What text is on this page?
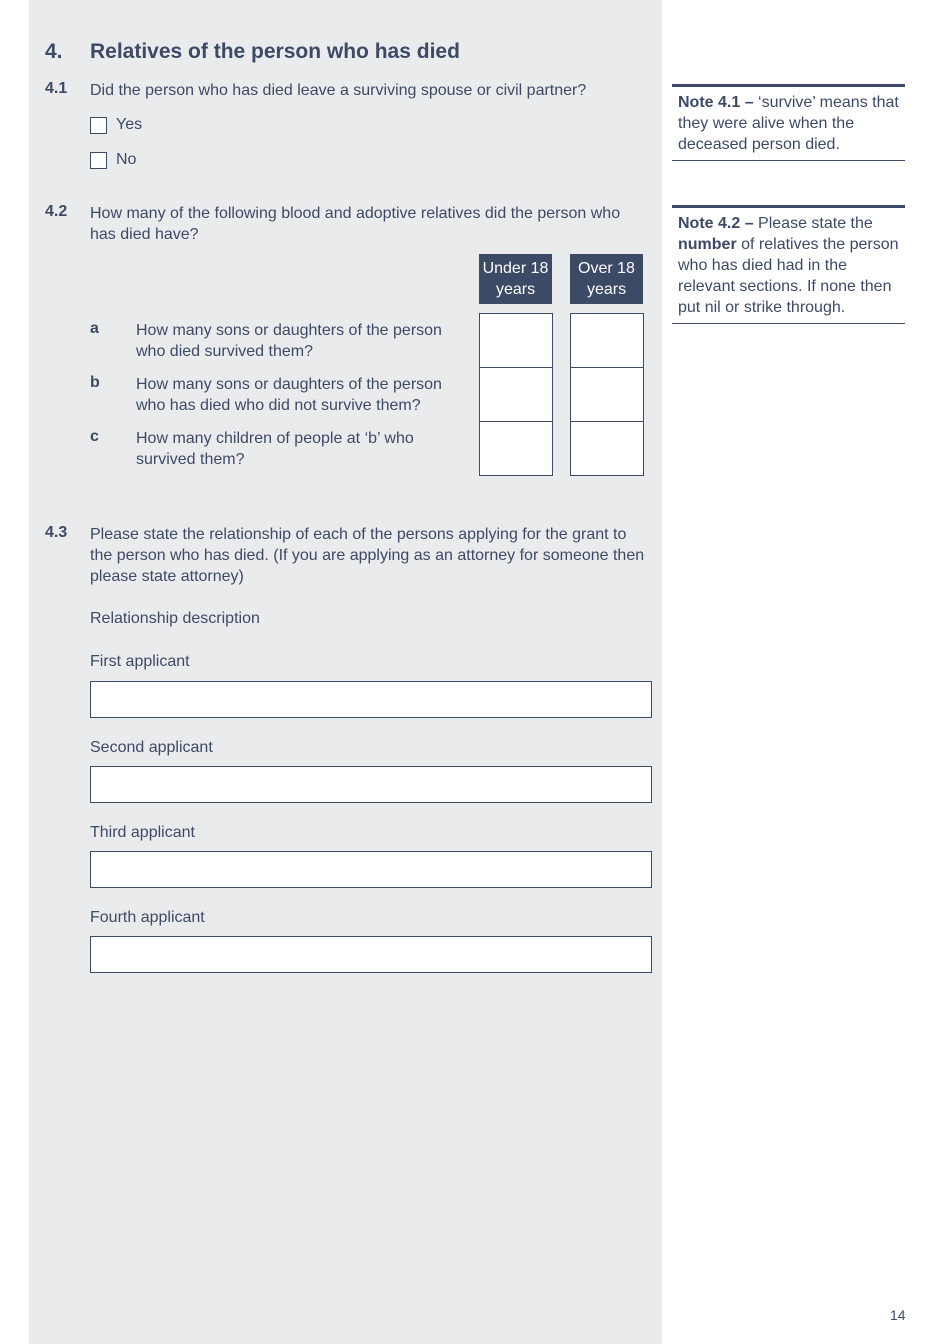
4. Relatives of the person who has died
4.1 Did the person who has died leave a surviving spouse or civil partner?
Yes
No
4.2 How many of the following blood and adoptive relatives did the person who has died have?
Under 18 years
Over 18 years
a How many sons or daughters of the person who died survived them?
b How many sons or daughters of the person who has died who did not survive them?
c How many children of people at ‘b’ who survived them?
4.3 Please state the relationship of each of the persons applying for the grant to the person who has died. (If you are applying as an attorney for someone then please state attorney)
Relationship description
First applicant
Second applicant
Third applicant
Fourth applicant
Note 4.1 – ‘survive’ means that they were alive when the deceased person died.
Note 4.2 – Please state the number of relatives the person who has died had in the relevant sections. If none then put nil or strike through.
14
